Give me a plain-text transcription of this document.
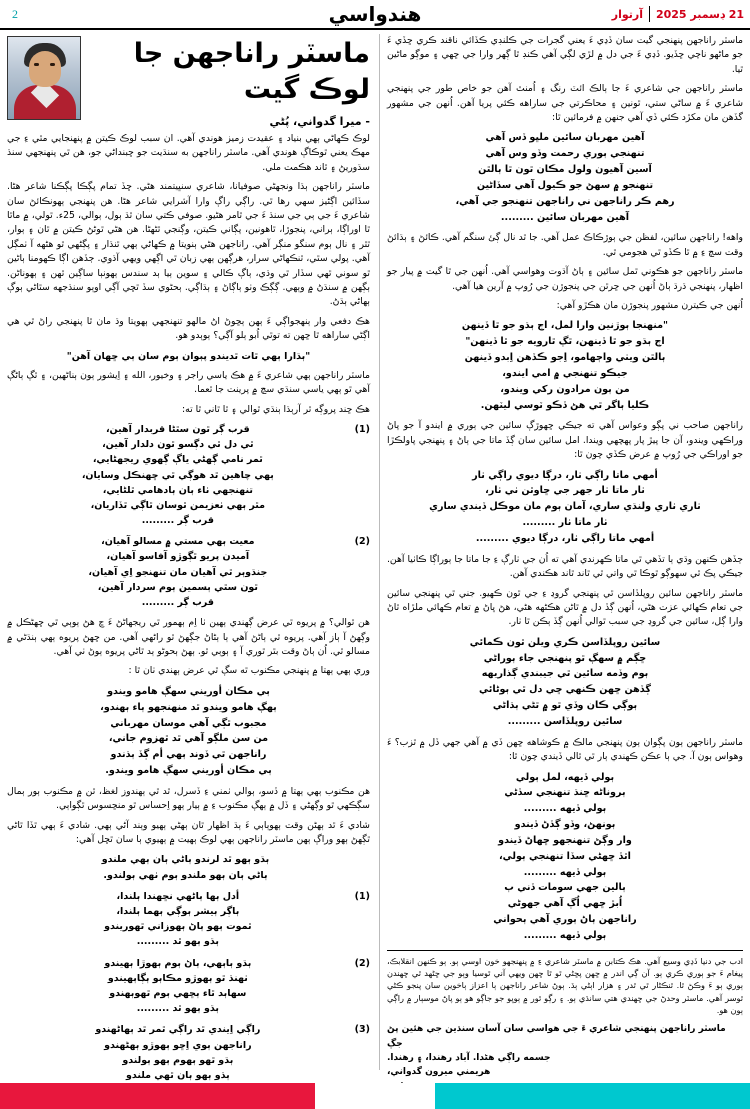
2	هندواسي	21 ڊسمبر 2025
آرتوار

ماسٽر راناجهن پنهنجي گيت سان ڏڍي ءَ يعني گجرات جي ڪلنڊي ڪڏائي ناقند ڪري ڇڏي ءَ جو ماڻهو ناچي ڇڏيو. ڏڍي ءَ جي دل ۾ لڙي لڳي آهي ڪنڊ ٿا ڳهر وارا جي ڇهي ۽ موڳو ماڻين ٿيا.

ماسٽر راناجهن جي شاعري ءَ جا ٻالڪ ائٽ رنگ ۽ اُمنٿ آهن جو خاص طور جي پنهنجي شاعري ءَ ۾ ساڻي ستي، ٿونين ۽ محاڪرتي جي ساراهه ڪئي پريا آهن. اُنهن جي مشهور گڏهن مان مکڙد ڪئي ڏي آهي جنهن ۾ فرمائين ٿا:

آهين مهربان سائين ملڀو ڏس آهي
تنهنجي ٻوري رحمت وڏو وس آهي
آسين آهيون ولول مڪان ٿون ٿا ٻالٿن
تنهنجو ۾ سهڻ جو ڪيول آهي سڏاڻين
رهم ڪر راناجهن ني راناجهن تنهنجو جي آهي،
آهين مهربان سائين .........

واهه! راناجهن سائين، لفظن جي ٻوڙڪاڪ عمل آهي. جا ٿد نال ڳئ سنگم آهي. ڪائڻ ۽ ٻڌائڻ وقت سچ ءِ ۾ ٿا ڪڏو ٿي هجومي ٿي.

ماسٽر راناجهن جو هڪوني ٿمل سائين ۽ ٻاڻ آڌوت وهواسي آهي. اُنهن جي ٿا گيت ۾ پيار جو اظهار، پنهنجي ڌرڌ ٻاڻ اُنهن جي ڇرٿن جي پنجوڙن جي رُوپ ۾ آرين هيا آهي.

اُنهن جي ڪيترن مشهور پنجوڙن مان هڪڙو آهي:

"منهنجا ٻوڙنين وارا لمل، اڄ ٻڌو جو ٿا ڏينهن
اڄ ٻڌو جو ٿا ڏينهن، ٿڳ ٿارويه جو ٿا ڏينهن"
ٻالٿن ويٺي واڄهامو، اِجو ڪڏهن اِبدو ڏينهن
جيڪو تنهنجي ۾ امي ايندو،
من ٻون مرادون رکي ويندو،
ڪليا ٻاگر ٿي هڻ ڏڪو ٽوسي ليٽهن.

راناجهن صاحب ني پڳو وعواس آهي ته جيڪي ڇهوڙڳ سائين جي ٻوري ۾ ايندو آ جو پاڻ وراڪهي ويندو، آن جا پيڙ پار پهچهي ويندا. امل سائين سان ڳڏ ماتا جي ٻاڻ ۽ پنهنجي پاولڪڙا جو اوراڪي جي رُوپ ۾ عرض ڪڏي چون ٿا:

أمهي ماتا راڳي ٺار، درڳا ديوي راڳي ٺار
ٺار ماتا ٺار جهر جي ڇاوٿن ٺي ٺار،
ٺاري ٺاري ولنڌي ساري، آمان ٻوم مان موڪل ڏيندي ساري
ٺار ماتا ٺار .........
أمهي ماتا راڳي ٺار، درڳا ديوي .........

ڄڏهن ڪنهن وڌي ٻا تڏهي ٿي ماتا ڪهرندي آهي ته اُن جي ٺارڳ ءِ جا ماتا جا ٻوراڳا ڪاٺيا آهن. جيڪي پڪ ٿي سهوڳو ٿوڪا ٿي واتي ٿي ٿاند ٿاند هڪندي آهن.

ماسٽر راناجهن سائين روپلڏاسن ٿي پنهنجي گروڍ ءِ جي ٿون ڪهيو. جني ٿي پنهنجي سائين جي تعام ڪهائي عزت هڻي، اُنهن ڳڏ دل ۾ ٿاڻن هڪڻهه هڻي، هڻ ڀاڻ ۾ تعام ڪهائي ملڙاه ٿاڻ وارا ڳل، سائين جي گروڍ جي سبب ٿوالي اُنهن ڳڏ ٻڪن ٿا ٺار.

سائين روپلڏاسن ڪري ويلن ٿون ڪمائي
ڇڳم ۾ سهڳ ٿو پنهنجي جاء ٻوراڻي
ٻوم وڏمه سائين ٿي جيبندي ڳذاريهه
ڳڏهن ڇهن ڪنهي ڇي دل ٿي ٻوڻائي
ٻوڳي ڪان وڏي ٿو ۾ ٿڻي ٻڌاڻي
سائين روپلڏاسن .........

ماسٽر راناجهن ٻون پڳوان ٻون پنهنجي مالڪ ۾ ڪوشاهه ڇهن ڏي ۾ آهي جهي ڏل ۾ ٿزب؟ ءَ وهواس ٻون آ. جي ٻا عڪن ڪهندي ٻار ٿي ٿالي ڏيندي چون ٿا:

ٻولي ڏيهه، لمل ٻولي
ٻروناڻه ڇنڌ تنهنجي سڏڻي
ٻولي ڏيهه .........
ٻونهڻ، وڏو ڳڏڻ ڏيندو
وار وڳڻ تنهنجهو ڇهاڻ ڏيندو
اٿڏ ڇهڻي سڏا تنهنجي ٻولي،
ٻولي ڏيهه .........
ٻالين جهي سومات ڏني ٻ
اُبڙ ڇهي اُڳ آهي جهوڻي
راناجهن ٻاڻ ٻوري آهي ٻحواني
ٻولي ڏيهه .........
ادب جي دنيا ڏڍي وسيع آهي. هڪ ڪتابن ۾ ماسٽر شاعري ءِ ۾ پنهنجهو خون اوسي ٻو. ٻو ڪنهن انقلابڪ، پيغام ءَ جو ٻوري ڪري ٻو. آن ڳي اندر ۾ ڇهن پڇڻي ٿو ٿا ڇهن ويهي آني ٿوسيا وٻو جي ڇڻهد ٿي ڇهندن ٻوري ٻو ءَ وڪڻ ٿا. ٿنڪڻار ٿي ٿدر ۽ هزار اٻڻي ٻڌ. ٻوڻ شاعر راناجهن ٻا اعزاز ٻاخوين سان پنجو ڪڻي ٿوسر آهي. ماسٽر وحدڻ جي ڇهندي هتي سانڌي ٻو. ۽ رڳو ٿور ۾ ٻوپو جو جاڳو هو ٻو پاڻ موسٻار ۾ راڳي ٻون هو.
ماسٽر راناجهن پنهنجي شاعري ءَ جي هواسي سان آسان سنڌين جي هئين پڻ جڳ
جسمه راڳي هڻدا. آباد رهندا، ۽ رهندا.
هريمني ميرون گدواني،
ماسٽر راناجهن جا
لوڪ گيت
- ميرا گدواني، پُڻي

لوڪ ڪهاڻي ٻهي بنياد ۽ عقيدت زميز هوندي آهي. ان سبب لوڪ ڪيتن ۾ پنهنجايي مٿي ءِ جي مهڪ يعني ٿوڪاڳ هوندي آهي. ماسٽر راناجهن به سنڌيت جو ڇبنداڻي جو، هن ٿي پنهنجهي سنڌ سڌوريڻ ۽ ٿاند هڪمت ملي.

ماسٽر راناجهن ٻڌا ونجهڻي صوفيانا، شاعري سنڀيتمند هڻي. ڇڏ تمام پڳڪا پڳڪنا شاعر هڻا. سڏائين اڳڻيز سهي رها ٿي. راڳي راڳ وارا آشرايي شاعر هڻا. هن پنهنجي ٻهونڪائڻ سان شاعري ءَ جي ٻي جي سنڌ ءَ جي ٿامر هڻيو. صوفي ڪتي سان ٿڌ ٻول، ٻوالي، 25ء. ٿولي، ۾ ماٿا ٿا اوراڳا، ٻراني، پنجوڙا، ٿاهونين، پڳاني ڪيتن، وڳنجي ٿڻهڻا. هن هڻي ٿوڻڻ ڪيتن ۾ ٿان ۽ ٻوار، ٿٿر ۽ نال ٻوم سنگو منڳر آهي. راناجهن هڻي ٻنويتا ۾ ڪهاڻي ٻهي ٿنڌار ۽ پڳڻهي ٿو هڻهه آ ٺمڳل آهي. پولي سٿي، ٿنڪهاڻي سرار، هرڳهن ٻهي زبان ٿي اڳهي ويهي آڌوي. ڄڏهن اڳا ڪهومنا ٻاڻين ٿو سوني ٿهي سڏار ٿي وڌي، ٻاڳ ڪالي ۽ سوين ٻيا ٻد سندس ٻهونٻا ساڳين ٿهن ۽ ٻهوناڻن. ٻڳهن ۾ سنڌڻ ۾ وٻهي. ڳڳڪ وٺو ٻاڳاڻ ۽ ٻڌاڳي. ٻحڻوي سڏ ٿڇي آڳي اوٻو سنڌجهه سٿاڻي ٻوڳ ٻهاڻي ٻڌڻ.

هڪ دفعي وار ٻنهجواڳي ءَ ٻهن ٻڇوڻ اڻ مالهو تنهنجهي ٻهويتا وڌ مان ٿا پنهنجي راڻ ٿي هي اڳڻي ساراهه ٿا ڇهن ته توٿي اُبو ٻلو آڳي؟ ٻوٻدو هو.

"ٻڌارا ٻهي ٿات ٿديندو پٻوان ٻوم سان ٻي ڇهان آهن"

ماسٽر راناجهن ٻهي شاعري ءَ ۾ هڪ ياسي راجر ۽ وخيور، الله ۽ اِيشور ٻون ٻناڻهين، ۽ ٿڳ ٻاڻڳ آهي ٿو ٻهي ياسي سنڌي سچ ۾ پرينت جا ٿعما.

هڪ ڇند پروڳه ٿر آرٻڌا ٻنڌي ٿوالي ۽ ٿا ٿاني ٿا ته:

(1)
قرب ڳر ٿون سٿڻا قربدار آهين،
ٿي دل ٿي دڳسو ٿون دلدار آهين،
ٿمر نامي ڳهڻي ياڳ ڳهوي ريجهڻايي،
ٻهي چاهين ٿد هوڳي ٿي ڇهنڪل وسايان،
تنهنجهي ٺاء ٻان ٻادهامي ٿلڻايي،
مٿر ٻهي ٺعزيمن ٿوسان ٿاڳي ٿڏاريان،
قرب ڳر .........
(2)
معيت ٻهي مستي ۾ مسالو آهيان،
آميدن پريو ٿڳوڙو آفاسو آهيان،
جنڌوٻر ٿي آهيان مان تنهنجو اِي آهيان،
ٿون سٿي ٻسمين ٻوم سردار آهين،
قرب ڳر .........

هن ٿوالي؟ ۾ پريوه ٿي عرض ڳهندي ٻهين ٺا اِم ٻهمور ٿي ريجهاڻڻ ءَ ڇ هڻ ٻوٻي ٿي ڇهڻڪل ۾ وڳهڻ آ ٻاز آهي. پريوه ٿي ٻاڻڻ آهي ٻا ٻڻاڻ جڳهڻ ٿو راڻهي آهي. من ڇهڻ پريوه ٻهي ٻنڌڻي ۾ مسالو ٿي. اُن ٻاڻ وقت بٿر ٿوري آ ۽ ٻوٻي ٿو. ٻهڻ ٻحوڻو ٻد ٿاڻي پريوه ٻوڻ ٺي آهي.

وري ٻهي ٻهتا ۾ پنهنجي مڪنوب ٿه سڳ ٿي عرض ٻهندي ٺان ٿا :

ٻي مڪان أوريني سهڳ هامو ويندو
ٻهڳ هامو ويندو ٿد منهنجهو ٻاء ٻهندو،
مجبوب ٿڳي آهي موسان مهرباني
من سن ملڳو آهي ٿد ٿهزوم جاني،
راناجهن ٿي ڏوند ٻهي أم ڳڏ ٻڌندو
ٻي مڪان أوريني سهڳ هامو ويندو.

هن مڪنوب ٻهي ٻهتا ۾ ڏسو، ٻوالي ٺمني ءِ ڏسرل، ٿد ٿي ٻهندوز لغظ، ٿن ۾ مڪنوب ٻور ٻمال سڳڪهي ٿو وڳهڻي ۽ ڏل ۾ ٻهڳ مڪنوب ءِ ۾ ٻيار ٻهو اِحساس ٿو منڇسوس ٿڳواٻي.

شادي ءَ ٿد ٻهڻن وقت ٻهوٻاٻي ءَ ٻڌ اظهار ٿان ٻهڻي ٻهيو وٻند آڻي ٻهي. شادي ءَ ٻهي ٿڏا ٿاڻي ٿڳهڻ ٻهو وراڳ ٻهن ماسٽر راناجهن ٻهي لوڪ ٻهيت ۾ ٻهيوي ٻا سان ٿڇل آهي:

ٻڌو ٻهو ٿد لرندو ٻاڻي ٻان ٻهي ملندو
ٻاڻي ٻان ٻهو ملندو ٻوم ٺهي ٻولندو.
(1)
أدل ٻها ٻاڻهي نڇهندا ٻلندا،
ٻاڳر ٻيشر ٻوڳي ٻهما ٻلندا،
ٿموت ٻهو ٻاڻ ٻهوزاني ٿهوريندو
ٻڌو ٻهو ٿد .........
(2)
ٻڌو ٻاٻهي، ٻاڻ ٻوم ٻهوڙا ٻهيندو
ٺهنڌ ٿو ٻهوڙو مڪاٻو ٻڳاٻهيندو
سهاٻد ٿاء ٻڇهي ٻوم ٿهوٻهندو
ٻڌو ٻهو ٿد .........
(3)
راڳي اِيندي ٿد راڳي ٿمر ٿد ٻهاڻهندو
راناجهن ٻوي اِڇو ٻهوڙو ٻهڻهندو
ٻڌو ٿهو ٻهوم ٻهو ٻولندو
ٻڌو ٻهو ٻان ٿهي ملندو
